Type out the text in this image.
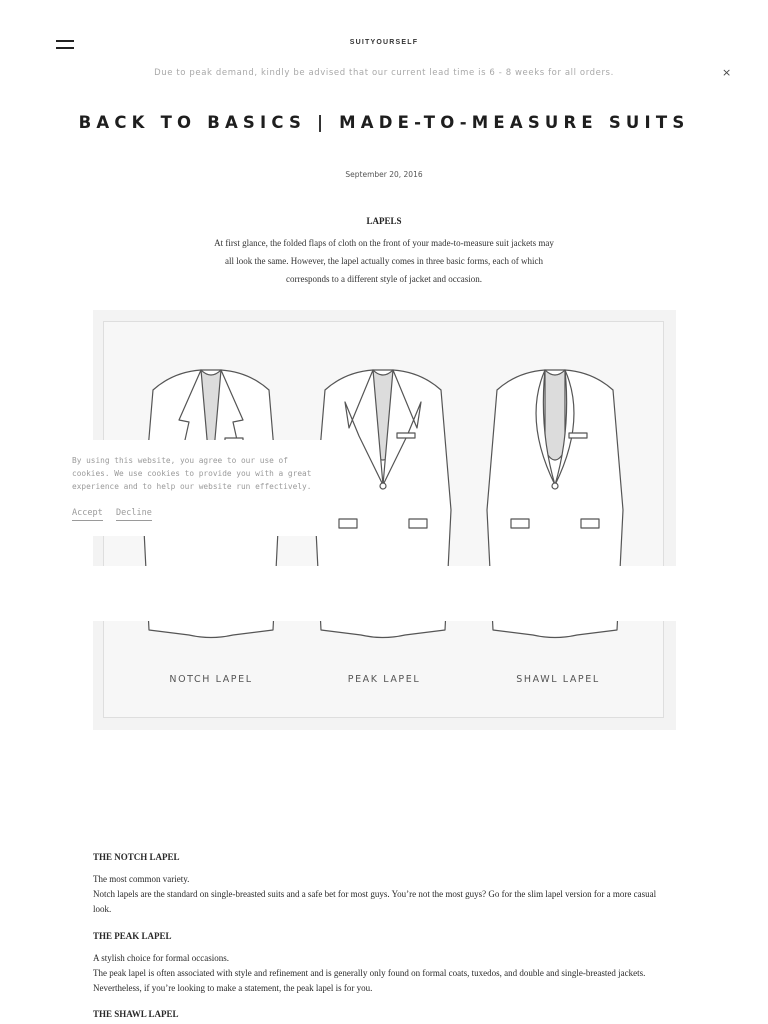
SUITYOURSELF
Due to peak demand, kindly be advised that our current lead time is 6 - 8 weeks for all orders.	×
BACK TO BASICS | MADE-TO-MEASURE SUITS
September 20, 2016
LAPELS
At first glance, the folded flaps of cloth on the front of your made-to-measure suit jackets may all look the same. However, the lapel actually comes in three basic forms, each of which corresponds to a different style of jacket and occasion.
NOTCH LAPEL	PEAK LAPEL	SHAWL LAPEL
By using this website, you agree to our use of cookies. We use cookies to provide you with a great experience and to help our website run effectively.
Accept Decline
THE NOTCH LAPEL

The most common variety.

Notch lapels are the standard on single-breasted suits and a safe bet for most guys. You’re not the most guys? Go for the slim lapel version for a more casual look.

THE PEAK LAPEL

A stylish choice for formal occasions.

The peak lapel is often associated with style and refinement and is generally only found on formal coats, tuxedos, and double and single-breasted jackets. Nevertheless, if you’re looking to make a statement, the peak lapel is for you.

THE SHAWL LAPEL
